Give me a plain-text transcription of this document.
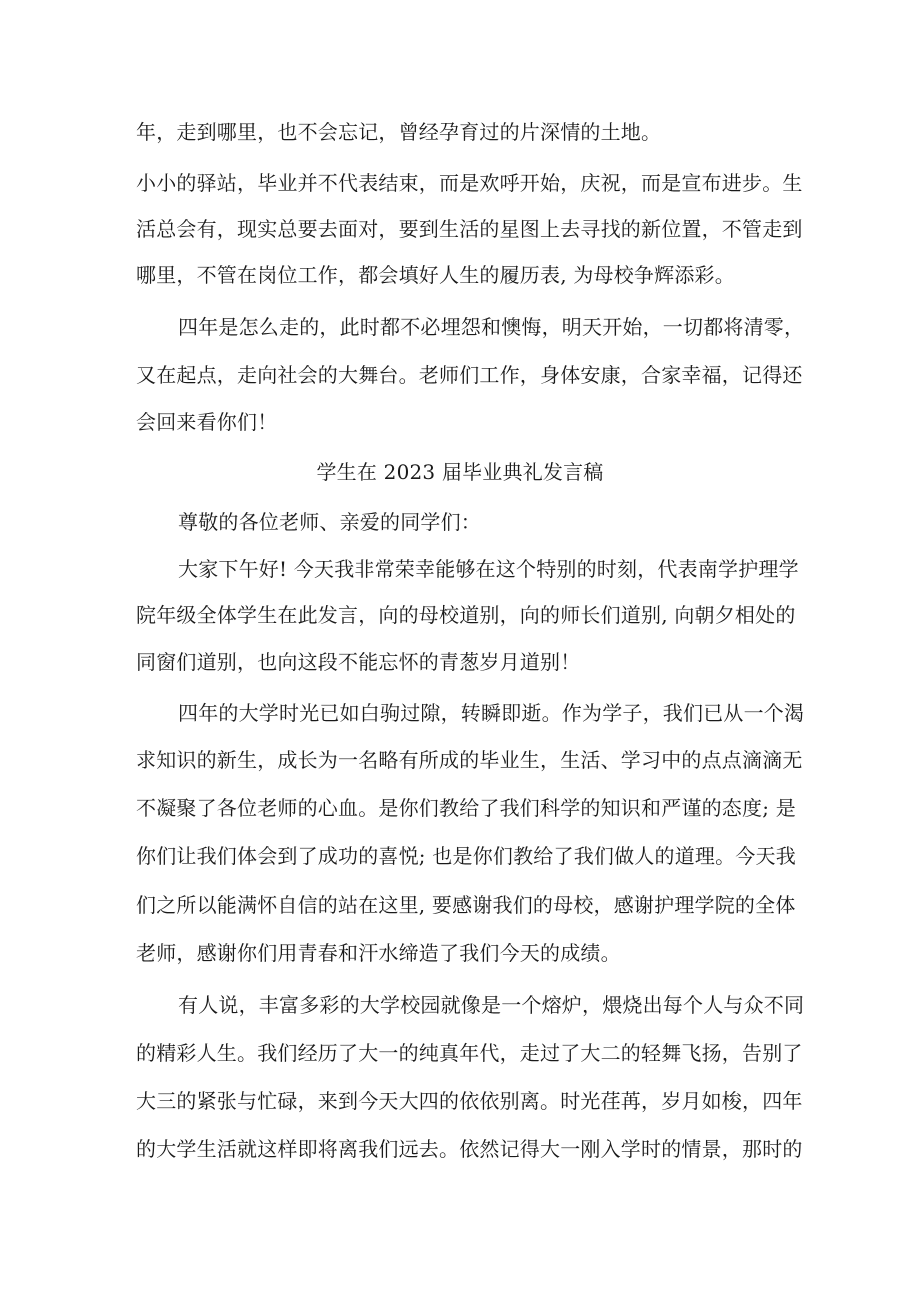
年，走到哪里，也不会忘记，曾经孕育过的片深情的土地。
小小的驿站，毕业并不代表结束，而是欢呼开始，庆祝，而是宣布进步。生
活总会有，现实总要去面对，要到生活的星图上去寻找的新位置，不管走到
哪里，不管在岗位工作，都会填好人生的履历表, 为母校争辉添彩。
四年是怎么走的，此时都不必埋怨和懊悔，明天开始，一切都将清零，
又在起点，走向社会的大舞台。老师们工作，身体安康，合家幸福，记得还
会回来看你们！
学生在 2023 届毕业典礼发言稿
尊敬的各位老师、亲爱的同学们：
大家下午好! 今天我非常荣幸能够在这个特别的时刻，代表南学护理学
院年级全体学生在此发言，向的母校道别，向的师长们道别, 向朝夕相处的
同窗们道别，也向这段不能忘怀的青葱岁月道别！
四年的大学时光已如白驹过隙，转瞬即逝。作为学子，我们已从一个渴
求知识的新生，成长为一名略有所成的毕业生，生活、学习中的点点滴滴无
不凝聚了各位老师的心血。是你们教给了我们科学的知识和严谨的态度; 是
你们让我们体会到了成功的喜悦; 也是你们教给了我们做人的道理。今天我
们之所以能满怀自信的站在这里, 要感谢我们的母校，感谢护理学院的全体
老师，感谢你们用青春和汗水缔造了我们今天的成绩。
有人说，丰富多彩的大学校园就像是一个熔炉，煨烧出每个人与众不同
的精彩人生。我们经历了大一的纯真年代，走过了大二的轻舞飞扬，告别了
大三的紧张与忙碌，来到今天大四的依依别离。时光荏苒，岁月如梭，四年
的大学生活就这样即将离我们远去。依然记得大一刚入学时的情景，那时的
